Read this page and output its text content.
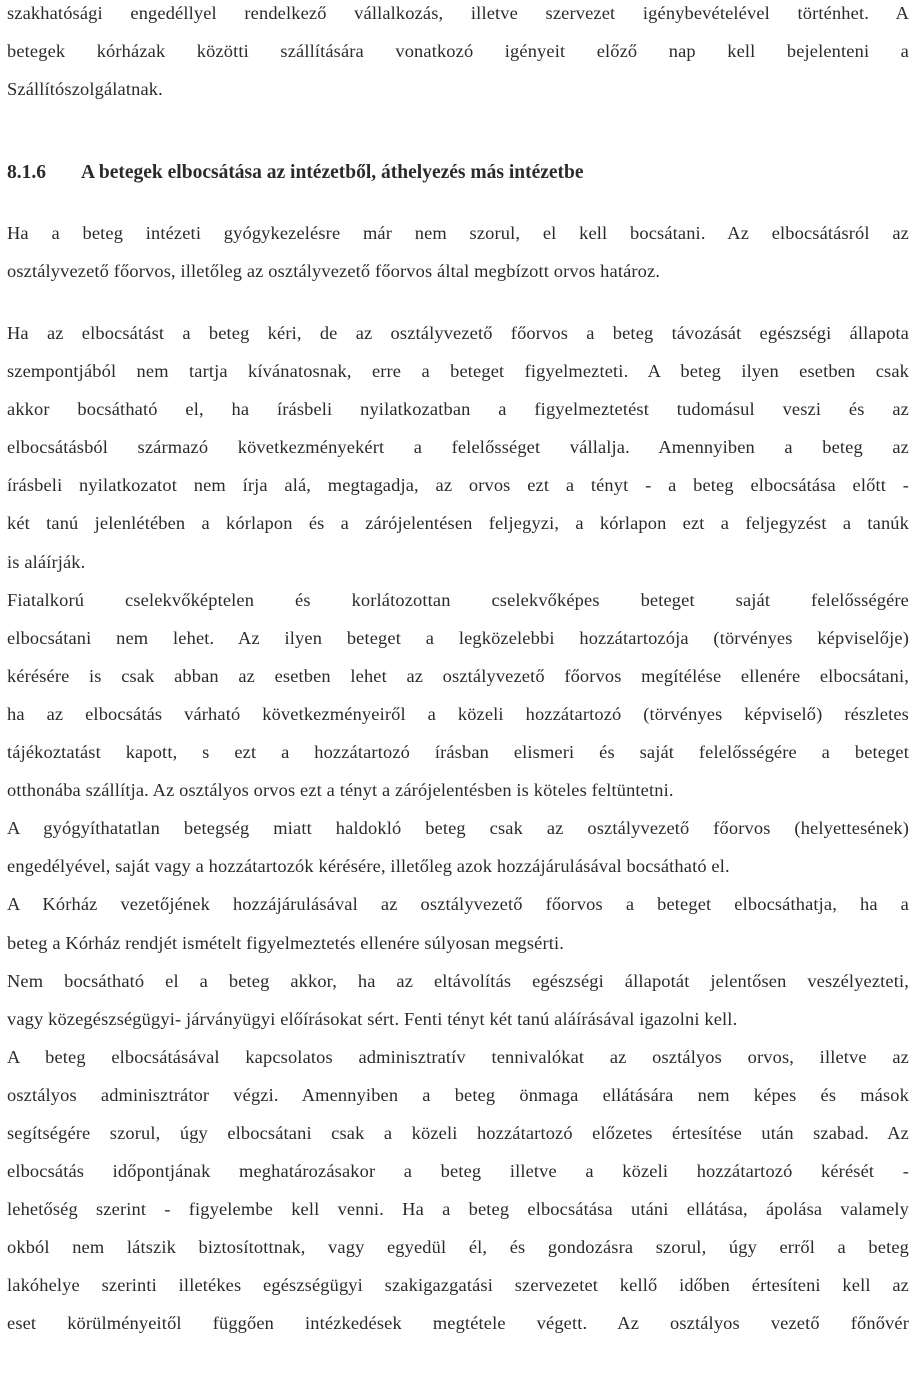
szakhatósági engedéllyel rendelkező vállalkozás, illetve szervezet igénybevételével történhet. A
betegek kórházak közötti szállítására vonatkozó igényeit előző nap kell bejelenteni a
Szállítószolgálatnak.
8.1.6 A betegek elbocsátása az intézetből, áthelyezés más intézetbe
Ha a beteg intézeti gyógykezelésre már nem szorul, el kell bocsátani. Az elbocsátásról az
osztályvezető főorvos, illetőleg az osztályvezető főorvos által megbízott orvos határoz.
Ha az elbocsátást a beteg kéri, de az osztályvezető főorvos a beteg távozását egészségi állapota
szempontjából nem tartja kívánatosnak, erre a beteget figyelmezteti. A beteg ilyen esetben csak
akkor bocsátható el, ha írásbeli nyilatkozatban a figyelmeztetést tudomásul veszi és az
elbocsátásból származó következményekért a felelősséget vállalja. Amennyiben a beteg az
írásbeli nyilatkozatot nem írja alá, megtagadja, az orvos ezt a tényt - a beteg elbocsátása előtt -
két tanú jelenlétében a kórlapon és a zárójelentésen feljegyzi, a kórlapon ezt a feljegyzést a tanúk
is aláírják.
Fiatalkorú cselekvőképtelen és korlátozottan cselekvőképes beteget saját felelősségére
elbocsátani nem lehet. Az ilyen beteget a legközelebbi hozzátartozója (törvényes képviselője)
kérésére is csak abban az esetben lehet az osztályvezető főorvos megítélése ellenére elbocsátani,
ha az elbocsátás várható következményeiről a közeli hozzátartozó (törvényes képviselő) részletes
tájékoztatást kapott, s ezt a hozzátartozó írásban elismeri és saját felelősségére a beteget
otthonába szállítja. Az osztályos orvos ezt a tényt a zárójelentésben is köteles feltüntetni.
A gyógyíthatatlan betegség miatt haldokló beteg csak az osztályvezető főorvos (helyettesének)
engedélyével, saját vagy a hozzátartozók kérésére, illetőleg azok hozzájárulásával bocsátható el.
A Kórház vezetőjének hozzájárulásával az osztályvezető főorvos a beteget elbocsáthatja, ha a
beteg a Kórház rendjét ismételt figyelmeztetés ellenére súlyosan megsérti.
Nem bocsátható el a beteg akkor, ha az eltávolítás egészségi állapotát jelentősen veszélyezteti,
vagy közegészségügyi- járványügyi előírásokat sért. Fenti tényt két tanú aláírásával igazolni kell.
A beteg elbocsátásával kapcsolatos adminisztratív tennivalókat az osztályos orvos, illetve az
osztályos adminisztrátor végzi. Amennyiben a beteg önmaga ellátására nem képes és mások
segítségére szorul, úgy elbocsátani csak a közeli hozzátartozó előzetes értesítése után szabad. Az
elbocsátás időpontjának meghatározásakor a beteg illetve a közeli hozzátartozó kérését -
lehetőség szerint - figyelembe kell venni. Ha a beteg elbocsátása utáni ellátása, ápolása valamely
okból nem látszik biztosítottnak, vagy egyedül él, és gondozásra szorul, úgy erről a beteg
lakóhelye szerinti illetékes egészségügyi szakigazgatási szervezetet kellő időben értesíteni kell az
eset körülményeitől függően intézkedések megtétele végett. Az osztályos vezető főnővér
